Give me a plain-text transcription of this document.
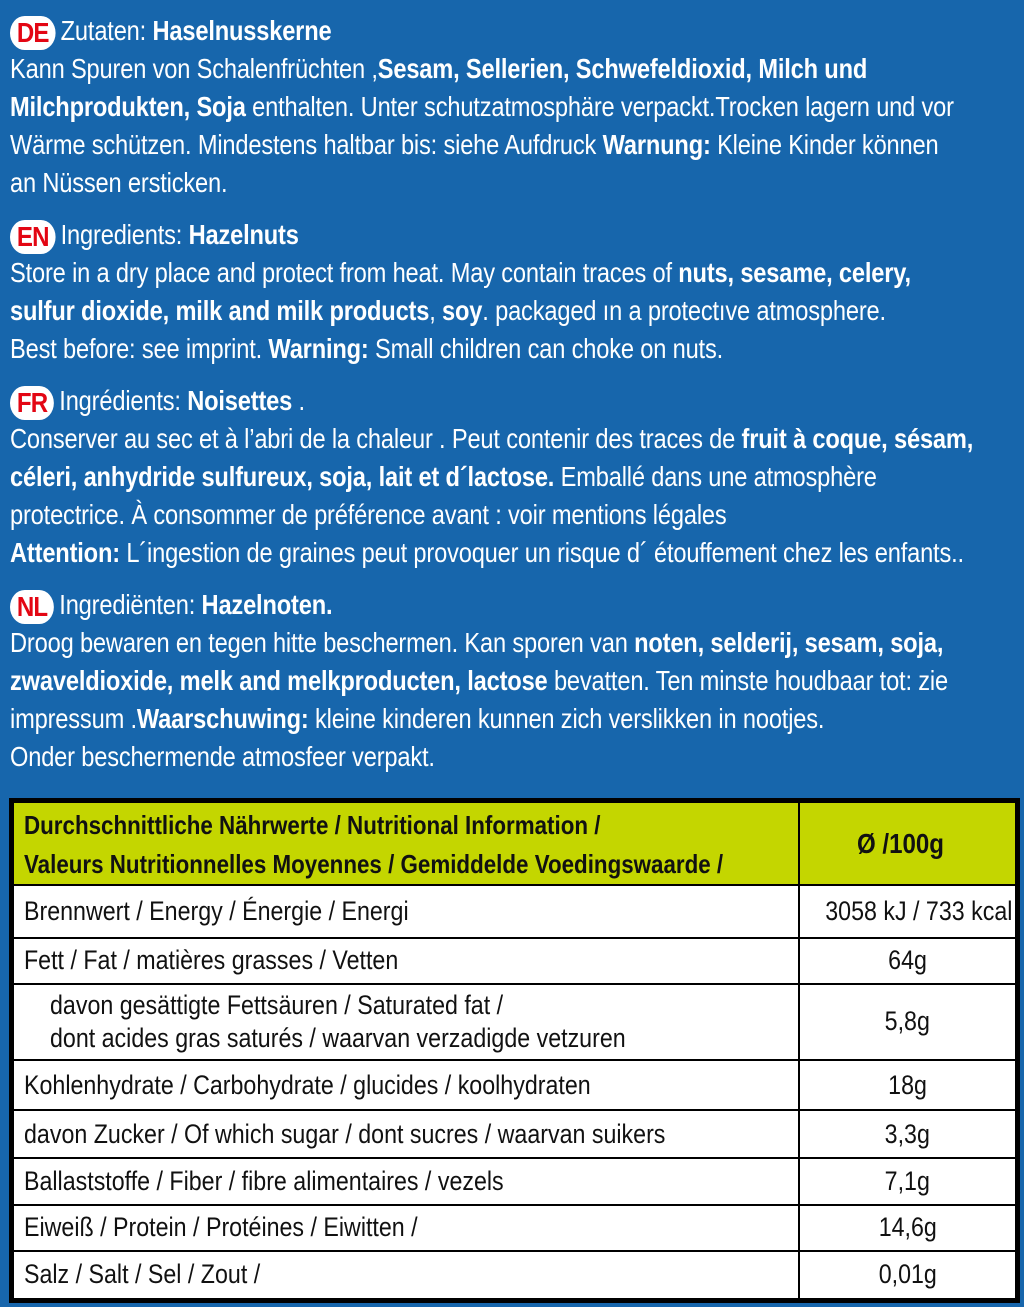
DE Zutaten: Haselnusskerne
Kann Spuren von Schalenfrüchten ,Sesam, Sellerien, Schwefeldioxid, Milch und
Milchprodukten, Soja enthalten. Unter schutzatmosphäre verpackt.Trocken lagern und vor
Wärme schützen. Mindestens haltbar bis: siehe Aufdruck Warnung: Kleine Kinder können
an Nüssen ersticken.
EN Ingredients: Hazelnuts
Store in a dry place and protect from heat. May contain traces of nuts, sesame, celery,
sulfur dioxide, milk and milk products, soy. packaged ın a protectıve atmosphere.
Best before: see imprint. Warning: Small children can choke on nuts.
FR Ingrédients: Noisettes .
Conserver au sec et à l’abri de la chaleur . Peut contenir des traces de fruit à coque, sésam,
céleri, anhydride sulfureux, soja, lait et d´lactose. Emballé dans une atmosphère
protectrice. À consommer de préférence avant : voir mentions légales
Attention: L´ingestion de graines peut provoquer un risque d´ étouffement chez les enfants..
NL Ingrediënten: Hazelnoten.
Droog bewaren en tegen hitte beschermen. Kan sporen van noten, selderij, sesam, soja,
zwaveldioxide, melk and melkproducten, lactose bevatten. Ten minste houdbaar tot: zie
impressum .Waarschuwing: kleine kinderen kunnen zich verslikken in nootjes.
Onder beschermende atmosfeer verpakt.
Durchschnittliche Nährwerte / Nutritional Information /
Valeurs Nutritionnelles Moyennes / Gemiddelde Voedingswaarde /	Ø /100g
Brennwert / Energy / Énergie / Energi	3058 kJ / 733 kcal
Fett / Fat / matières grasses / Vetten	64g
davon gesättigte Fettsäuren / Saturated fat /
dont acides gras saturés / waarvan verzadigde vetzuren	5,8g
Kohlenhydrate / Carbohydrate / glucides / koolhydraten	18g
davon Zucker / Of which sugar / dont sucres / waarvan suikers	3,3g
Ballaststoffe / Fiber / fibre alimentaires / vezels	7,1g
Eiweiß / Protein / Protéines / Eiwitten /	14,6g
Salz / Salt / Sel / Zout /	0,01g
